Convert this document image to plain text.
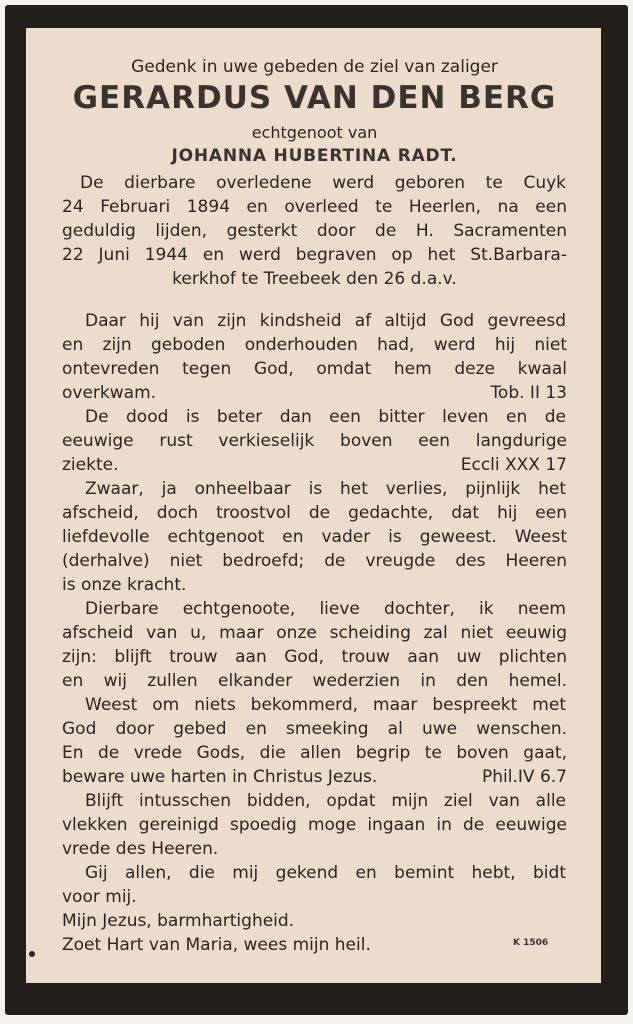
Gedenk in uwe gebeden de ziel van zaliger
GERARDUS VAN DEN BERG
echtgenoot van
JOHANNA HUBERTINA RADT.
De dierbare overledene werd geboren te Cuyk
24 Februari 1894 en overleed te Heerlen, na een
geduldig lijden, gesterkt door de H. Sacramenten
22 Juni 1944 en werd begraven op het St.Barbara-
kerkhof te Treebeek den 26 d.a.v.
Daar hij van zijn kindsheid af altijd God gevreesd
en zijn geboden onderhouden had, werd hij niet
ontevreden tegen God, omdat hem deze kwaal
overkwam.	Tob. II 13
De dood is beter dan een bitter leven en de
eeuwige rust verkieselijk boven een langdurige
ziekte.	Eccli XXX 17
Zwaar, ja onheelbaar is het verlies, pijnlijk het
afscheid, doch troostvol de gedachte, dat hij een
liefdevolle echtgenoot en vader is geweest. Weest
(derhalve) niet bedroefd; de vreugde des Heeren
is onze kracht.
Dierbare echtgenoote, lieve dochter, ik neem
afscheid van u, maar onze scheiding zal niet eeuwig
zijn: blijft trouw aan God, trouw aan uw plichten
en wij zullen elkander wederzien in den hemel.
Weest om niets bekommerd, maar bespreekt met
God door gebed en smeeking al uwe wenschen.
En de vrede Gods, die allen begrip te boven gaat,
beware uwe harten in Christus Jezus.	Phil.IV 6.7
Blijft intusschen bidden, opdat mijn ziel van alle
vlekken gereinigd spoedig moge ingaan in de eeuwige
vrede des Heeren.
Gij allen, die mij gekend en bemint hebt, bidt
voor mij.
Mijn Jezus, barmhartigheid.
Zoet Hart van Maria, wees mijn heil.	K 1506
